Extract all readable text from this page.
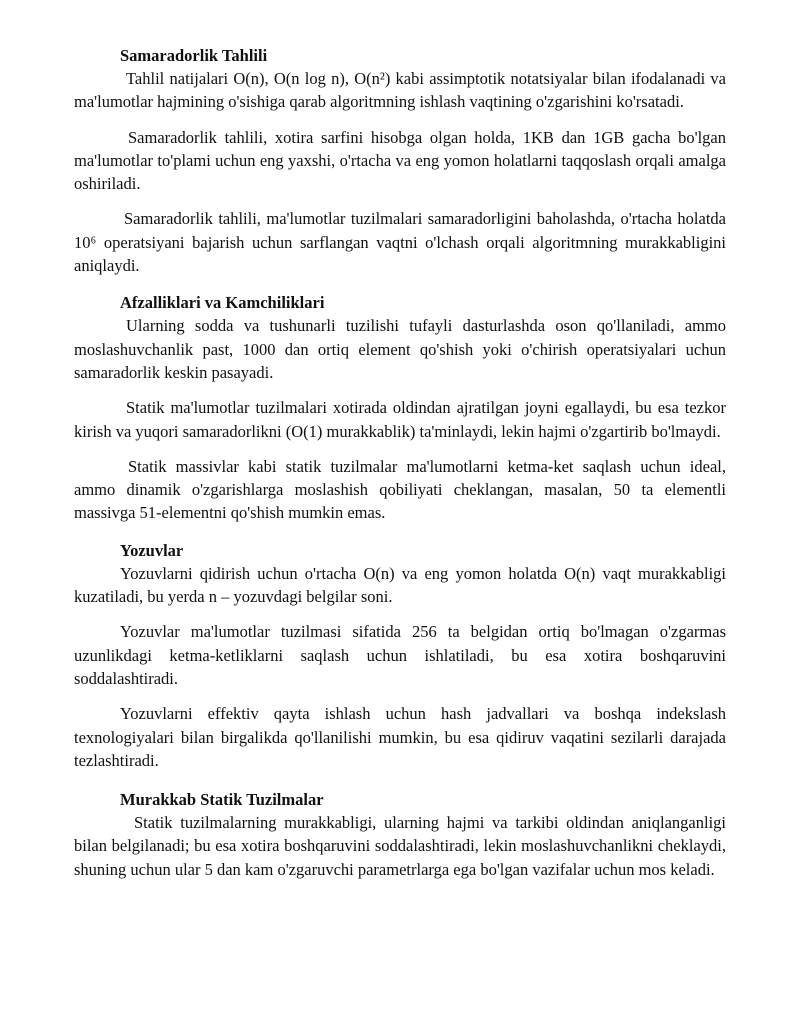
Samaradorlik Tahlili

Tahlil natijalari O(n), O(n log n), O(n²) kabi assimptotik notatsiyalar bilan ifodalanadi va ma'lumotlar hajmining o'sishiga qarab algoritmning ishlash vaqtining o'zgarishini ko'rsatadi.

Samaradorlik tahlili, xotira sarfini hisobga olgan holda, 1KB dan 1GB gacha bo'lgan ma'lumotlar to'plami uchun eng yaxshi, o'rtacha va eng yomon holatlarni taqqoslash orqali amalga oshiriladi.

Samaradorlik tahlili, ma'lumotlar tuzilmalari samaradorligini baholashda, o'rtacha holatda 10⁶ operatsiyani bajarish uchun sarflangan vaqtni o'lchash orqali algoritmning murakkabligini aniqlaydi.

Afzalliklari va Kamchiliklari

Ularning sodda va tushunarli tuzilishi tufayli dasturlashda oson qo'llaniladi, ammo moslashuvchanlik past, 1000 dan ortiq element qo'shish yoki o'chirish operatsiyalari uchun samaradorlik keskin pasayadi.

Statik ma'lumotlar tuzilmalari xotirada oldindan ajratilgan joyni egallaydi, bu esa tezkor kirish va yuqori samaradorlikni (O(1) murakkablik) ta'minlaydi, lekin hajmi o'zgartirib bo'lmaydi.

Statik massivlar kabi statik tuzilmalar ma'lumotlarni ketma-ket saqlash uchun ideal, ammo dinamik o'zgarishlarga moslashish qobiliyati cheklangan, masalan, 50 ta elementli massivga 51-elementni qo'shish mumkin emas.

Yozuvlar

Yozuvlarni qidirish uchun o'rtacha O(n) va eng yomon holatda O(n) vaqt murakkabligi kuzatiladi, bu yerda n – yozuvdagi belgilar soni.

Yozuvlar ma'lumotlar tuzilmasi sifatida 256 ta belgidan ortiq bo'lmagan o'zgarmas uzunlikdagi ketma-ketliklarni saqlash uchun ishlatiladi, bu esa xotira boshqaruvini soddalashtiradi.

Yozuvlarni effektiv qayta ishlash uchun hash jadvallari va boshqa indekslash texnologiyalari bilan birgalikda qo'llanilishi mumkin, bu esa qidiruv vaqatini sezilarli darajada tezlashtiradi.

Murakkab Statik Tuzilmalar

Statik tuzilmalarning murakkabligi, ularning hajmi va tarkibi oldindan aniqlanganligi bilan belgilanadi; bu esa xotira boshqaruvini soddalashtiradi, lekin moslashuvchanlikni cheklaydi, shuning uchun ular 5 dan kam o'zgaruvchi parametrlarga ega bo'lgan vazifalar uchun mos keladi.
